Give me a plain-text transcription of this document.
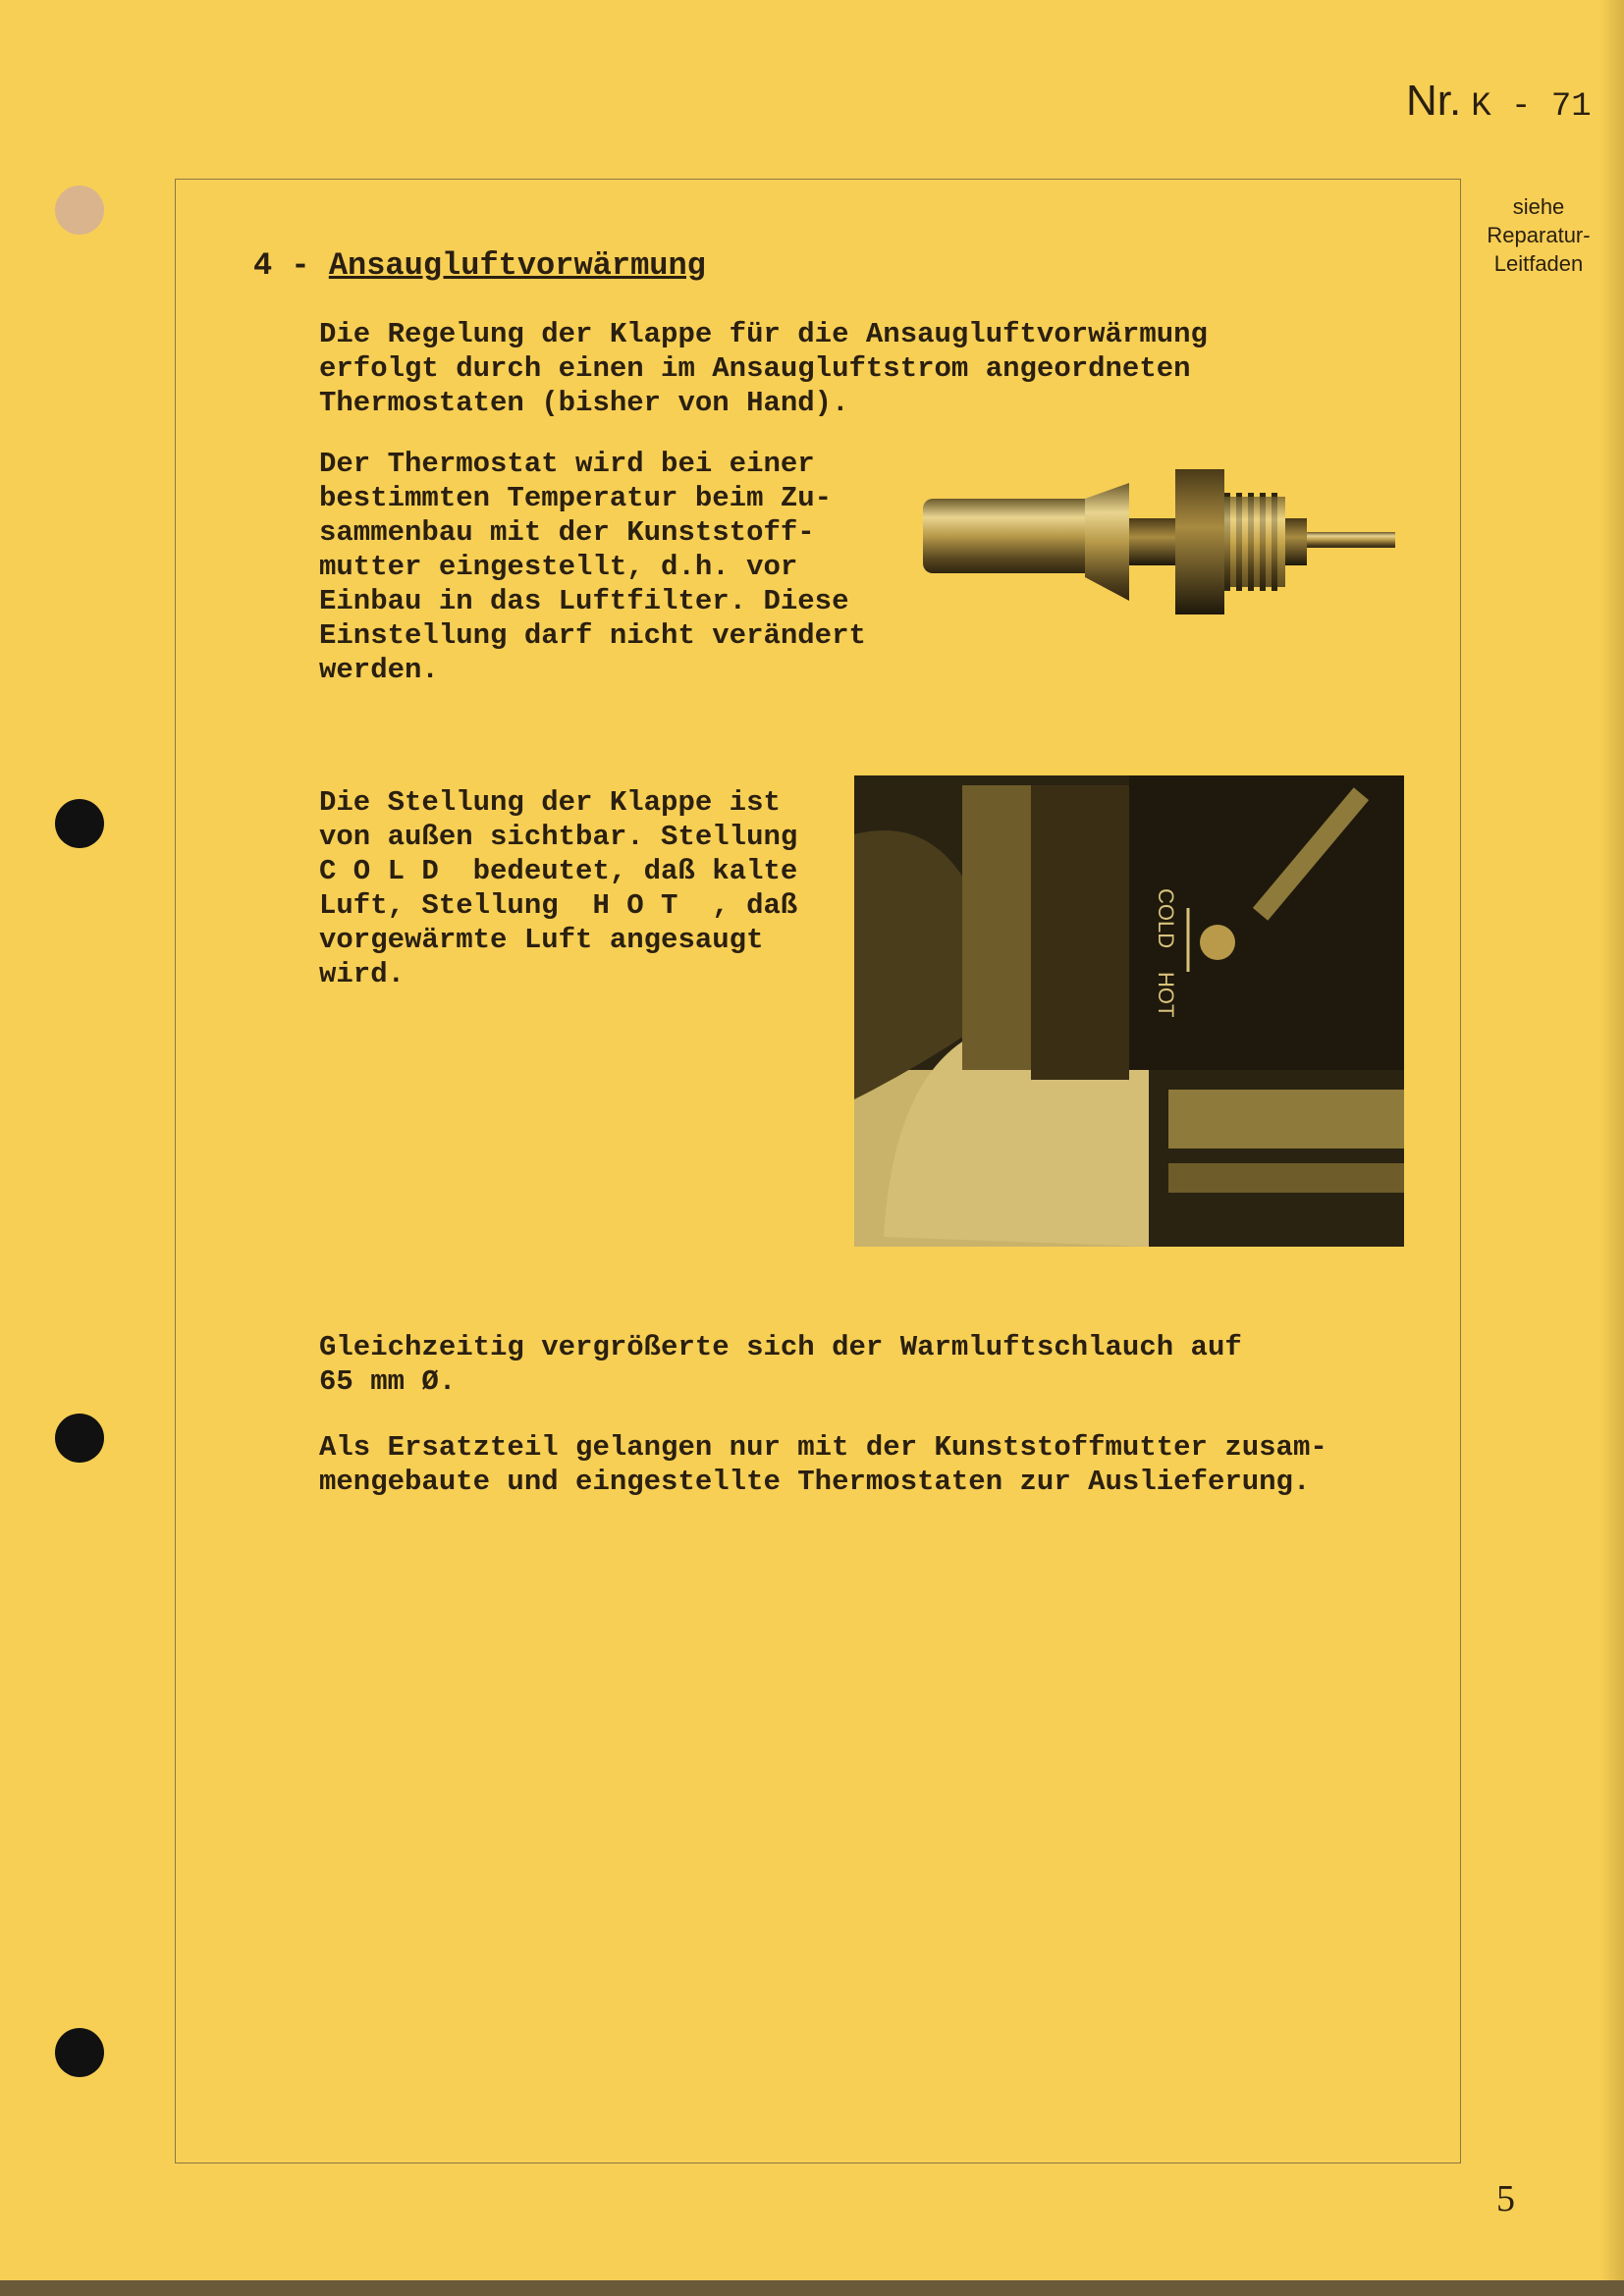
Nr. K - 71
siehe
Reparatur-
Leitfaden
4 - Ansaugluftvorwärmung
Die Regelung der Klappe für die Ansaugluftvorwärmung
erfolgt durch einen im Ansaugluftstrom angeordneten
Thermostaten (bisher von Hand).
Der Thermostat wird bei einer
bestimmten Temperatur beim Zu-
sammenbau mit der Kunststoff-
mutter eingestellt, d.h. vor
Einbau in das Luftfilter. Diese
Einstellung darf nicht verändert
werden.
Die Stellung der Klappe ist
von außen sichtbar. Stellung
C O L D  bedeutet, daß kalte
Luft, Stellung  H O T  , daß
vorgewärmte Luft angesaugt
wird.
COLD
HOT
Gleichzeitig vergrößerte sich der Warmluftschlauch auf
65 mm Ø.
Als Ersatzteil gelangen nur mit der Kunststoffmutter zusam-
mengebaute und eingestellte Thermostaten zur Auslieferung.
5
